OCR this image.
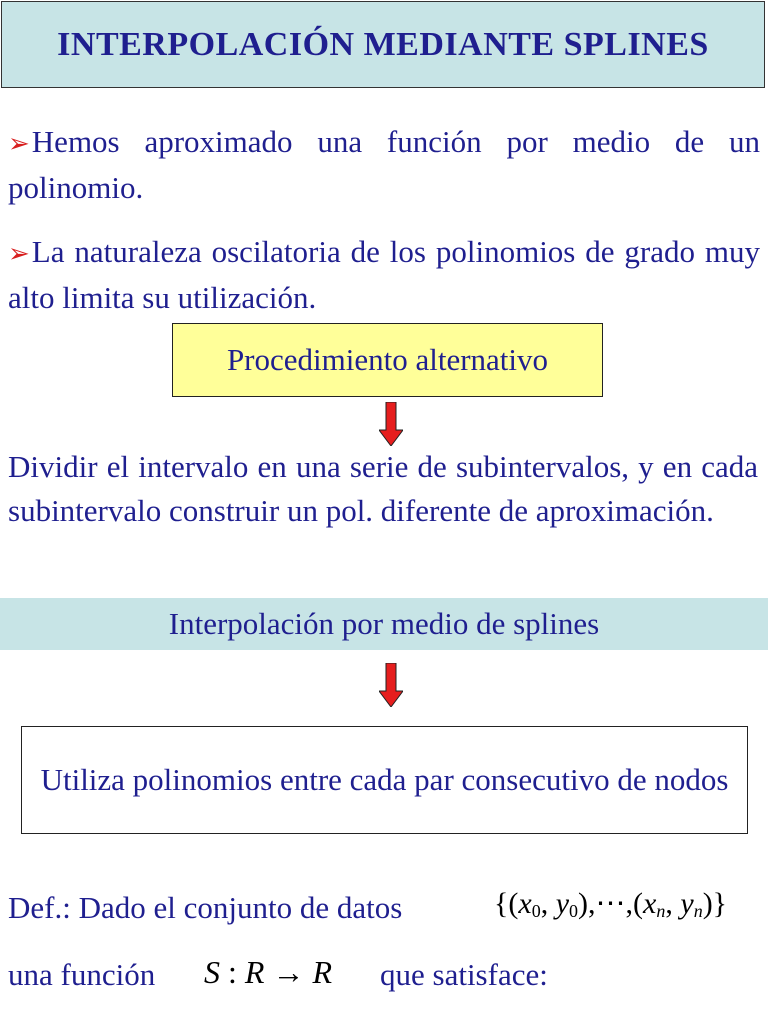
INTERPOLACIÓN MEDIANTE SPLINES
➢Hemos aproximado una función por medio de un polinomio.
➢La naturaleza oscilatoria de los polinomios de grado muy alto limita su utilización.
Procedimiento alternativo
Dividir el intervalo en una serie de subintervalos, y en cada subintervalo construir un pol. diferente de aproximación.
Interpolación por medio de splines
Utiliza polinomios entre cada par consecutivo de nodos
Def.: Dado el conjunto de datos	{($x_0$, $y_0),\cdots,(x_n$, $y_n$)}
una función S : R → R que satisface:
